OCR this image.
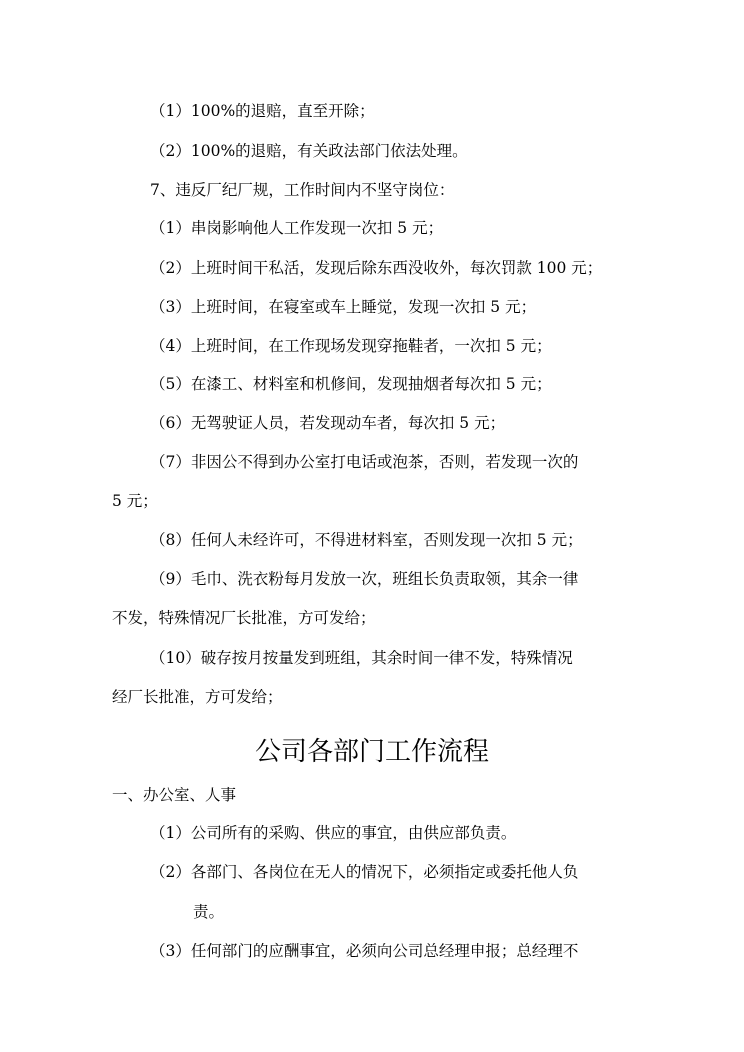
（1）100%的退赔，直至开除；
（2）100%的退赔，有关政法部门依法处理。
7、违反厂纪厂规，工作时间内不坚守岗位：
（1）串岗影响他人工作发现一次扣 5 元；
（2）上班时间干私活，发现后除东西没收外，每次罚款 100 元；
（3）上班时间，在寝室或车上睡觉，发现一次扣 5 元；
（4）上班时间，在工作现场发现穿拖鞋者，一次扣 5 元；
（5）在漆工、材料室和机修间，发现抽烟者每次扣 5 元；
（6）无驾驶证人员，若发现动车者，每次扣 5 元；
（7）非因公不得到办公室打电话或泡茶，否则，若发现一次的
5 元；
（8）任何人未经许可，不得进材料室，否则发现一次扣 5 元；
（9）毛巾、洗衣粉每月发放一次，班组长负责取领，其余一律
不发，特殊情况厂长批准，方可发给；
（10）破存按月按量发到班组，其余时间一律不发，特殊情况
经厂长批准，方可发给；
公司各部门工作流程
一、办公室、人事
（1）公司所有的采购、供应的事宜，由供应部负责。
（2）各部门、各岗位在无人的情况下，必须指定或委托他人负
责。
（3）任何部门的应酬事宜，必须向公司总经理申报；总经理不
